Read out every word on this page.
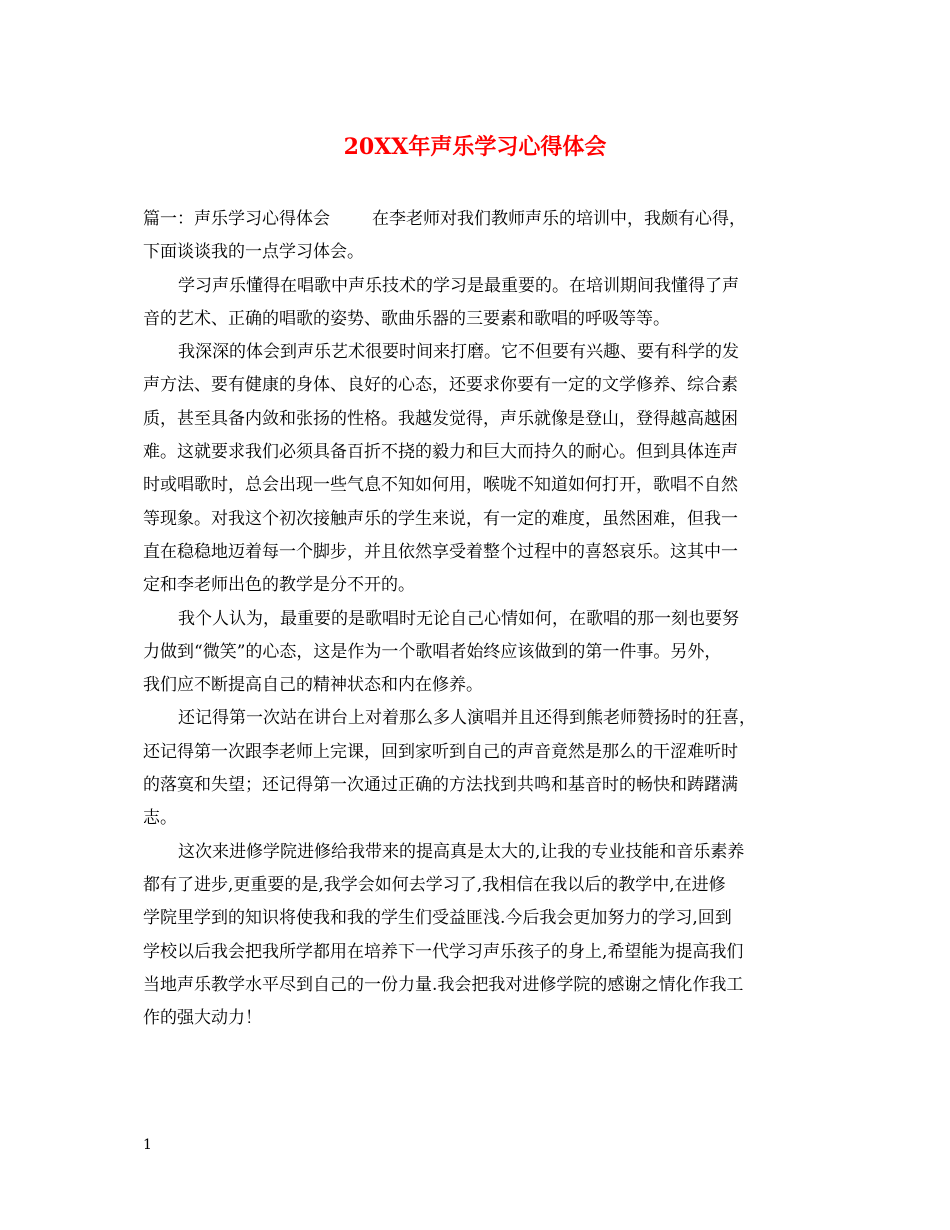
20XX年声乐学习心得体会
篇一：声乐学习心得体会 在李老师对我们教师声乐的培训中，我颇有心得，
下面谈谈我的一点学习体会。
学习声乐懂得在唱歌中声乐技术的学习是最重要的。在培训期间我懂得了声
音的艺术、正确的唱歌的姿势、歌曲乐器的三要素和歌唱的呼吸等等。
我深深的体会到声乐艺术很要时间来打磨。它不但要有兴趣、要有科学的发
声方法、要有健康的身体、良好的心态，还要求你要有一定的文学修养、综合素
质，甚至具备内敛和张扬的性格。我越发觉得，声乐就像是登山，登得越高越困
难。这就要求我们必须具备百折不挠的毅力和巨大而持久的耐心。但到具体连声
时或唱歌时，总会出现一些气息不知如何用，喉咙不知道如何打开，歌唱不自然
等现象。对我这个初次接触声乐的学生来说，有一定的难度，虽然困难，但我一
直在稳稳地迈着每一个脚步，并且依然享受着整个过程中的喜怒哀乐。这其中一
定和李老师出色的教学是分不开的。
我个人认为，最重要的是歌唱时无论自己心情如何，在歌唱的那一刻也要努
力做到“微笑”的心态，这是作为一个歌唱者始终应该做到的第一件事。另外，
我们应不断提高自己的精神状态和内在修养。
还记得第一次站在讲台上对着那么多人演唱并且还得到熊老师赞扬时的狂喜，
还记得第一次跟李老师上完课，回到家听到自己的声音竟然是那么的干涩难听时
的落寞和失望；还记得第一次通过正确的方法找到共鸣和基音时的畅快和踌躇满
志。
这次来进修学院进修给我带来的提高真是太大的,让我的专业技能和音乐素养
都有了进步,更重要的是,我学会如何去学习了,我相信在我以后的教学中,在进修
学院里学到的知识将使我和我的学生们受益匪浅.今后我会更加努力的学习,回到
学校以后我会把我所学都用在培养下一代学习声乐孩子的身上,希望能为提高我们
当地声乐教学水平尽到自己的一份力量.我会把我对进修学院的感谢之情化作我工
作的强大动力！
1
